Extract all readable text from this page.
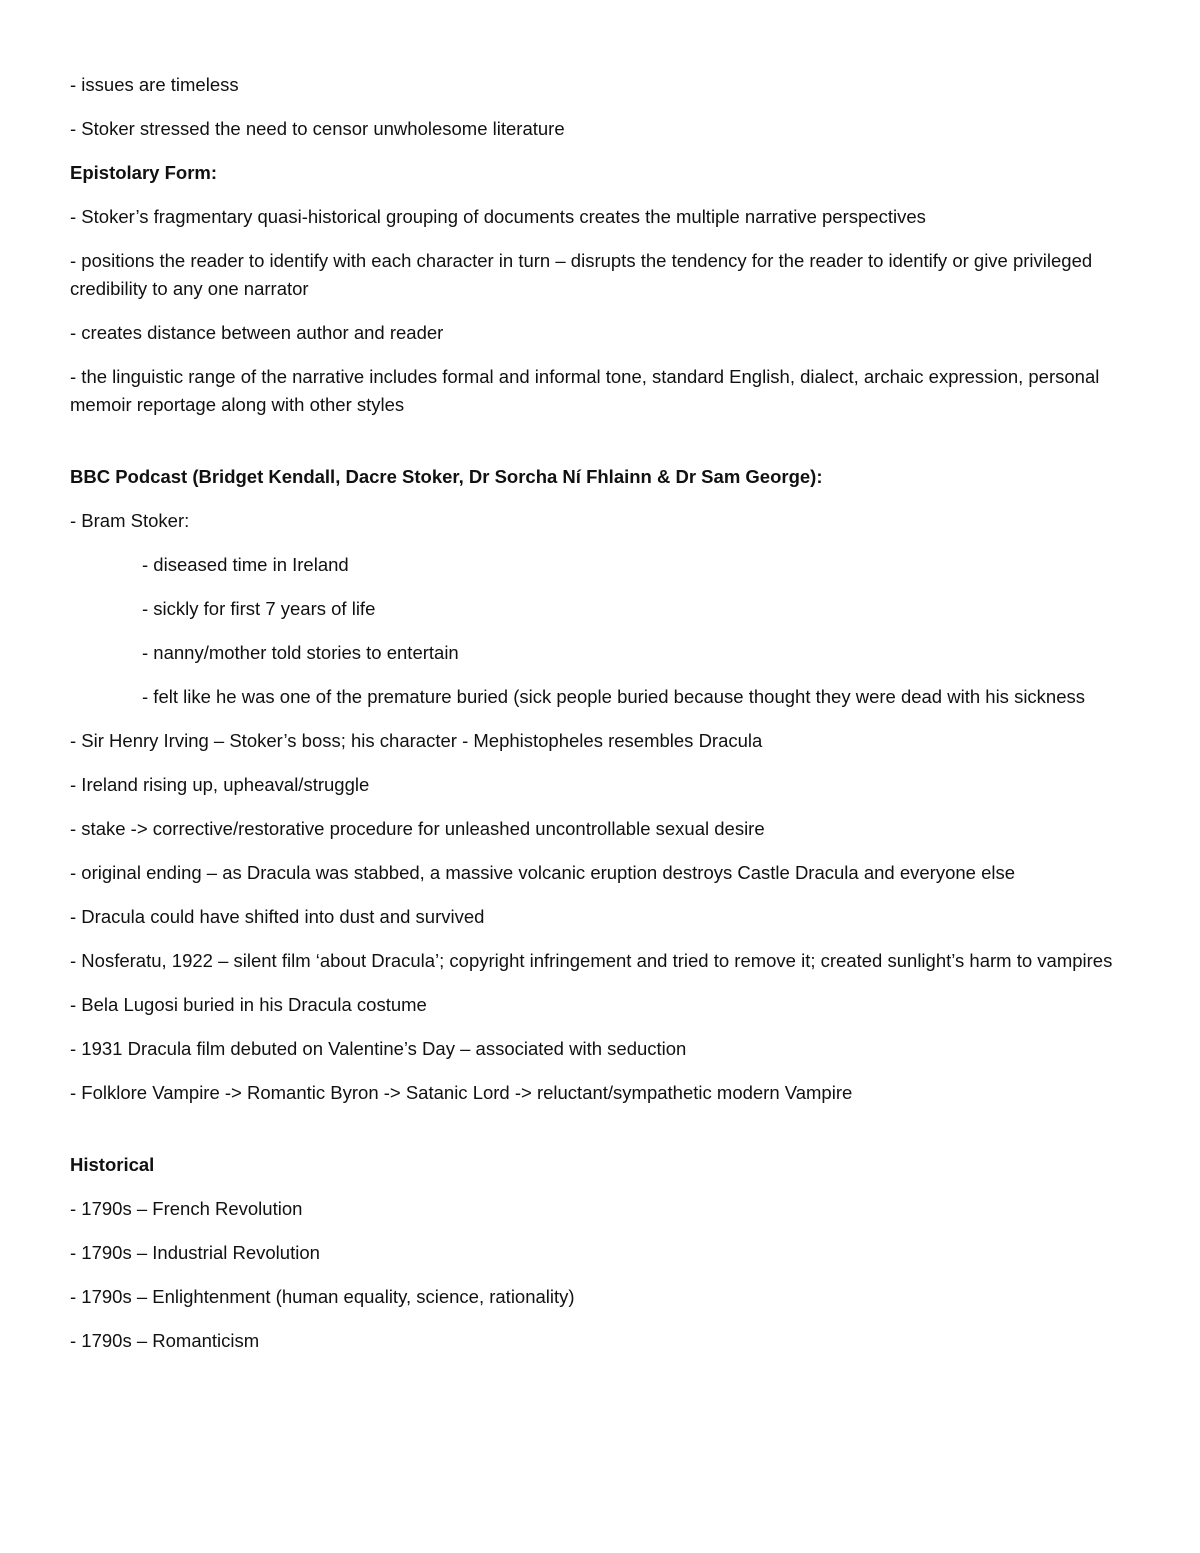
- issues are timeless

- Stoker stressed the need to censor unwholesome literature

Epistolary Form:

- Stoker’s fragmentary quasi-historical grouping of documents creates the multiple narrative perspectives

- positions the reader to identify with each character in turn – disrupts the tendency for the reader to identify or give privileged credibility to any one narrator

- creates distance between author and reader

- the linguistic range of the narrative includes formal and informal tone, standard English, dialect, archaic expression, personal memoir reportage along with other styles

BBC Podcast (Bridget Kendall, Dacre Stoker, Dr Sorcha Ní Fhlainn & Dr Sam George):

- Bram Stoker:

- diseased time in Ireland

- sickly for first 7 years of life

- nanny/mother told stories to entertain

- felt like he was one of the premature buried (sick people buried because thought they were dead with his sickness

- Sir Henry Irving – Stoker’s boss; his character - Mephistopheles resembles Dracula

- Ireland rising up, upheaval/struggle

- stake -> corrective/restorative procedure for unleashed uncontrollable sexual desire

- original ending – as Dracula was stabbed, a massive volcanic eruption destroys Castle Dracula and everyone else

- Dracula could have shifted into dust and survived

- Nosferatu, 1922 – silent film ‘about Dracula’; copyright infringement and tried to remove it; created sunlight’s harm to vampires

- Bela Lugosi buried in his Dracula costume

- 1931 Dracula film debuted on Valentine’s Day – associated with seduction

- Folklore Vampire -> Romantic Byron -> Satanic Lord -> reluctant/sympathetic modern Vampire

Historical

- 1790s – French Revolution

- 1790s – Industrial Revolution

- 1790s – Enlightenment (human equality, science, rationality)

- 1790s – Romanticism
